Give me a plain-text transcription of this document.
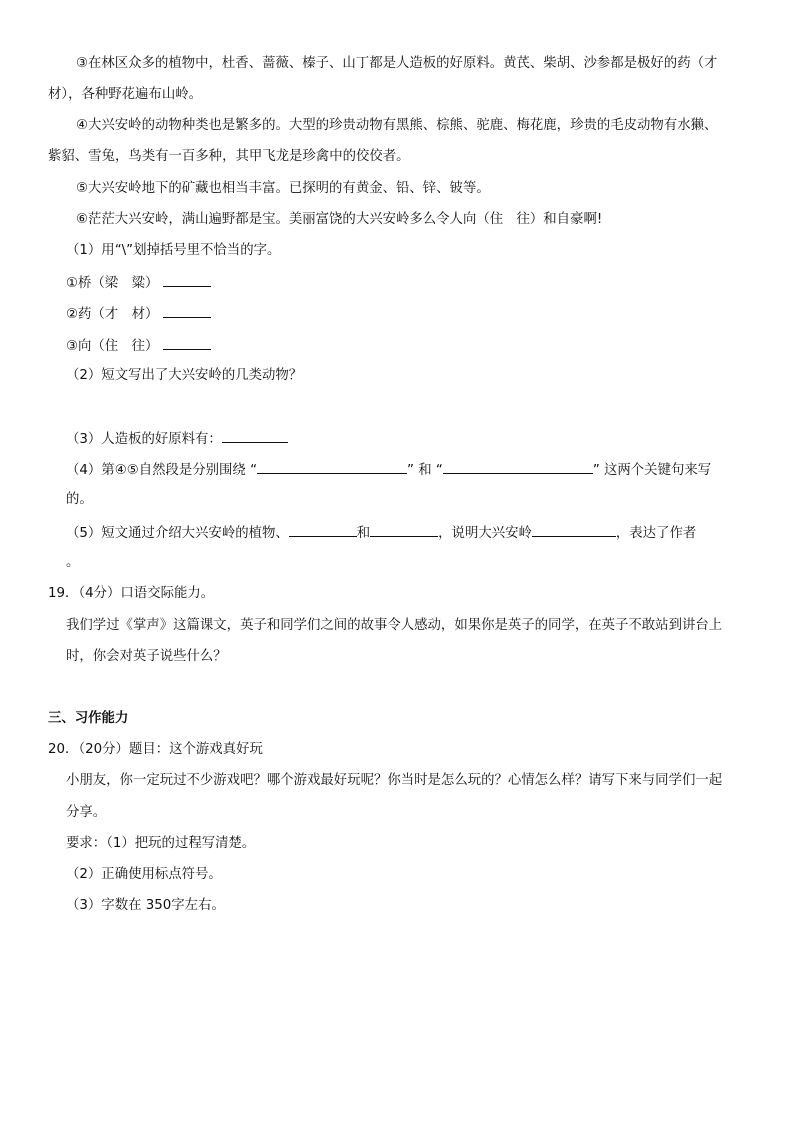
③在林区众多的植物中，杜香、蔷薇、榛子、山丁都是人造板的好原料。黄芪、柴胡、沙参都是极好的药（才
材），各种野花遍布山岭。
④大兴安岭的动物种类也是繁多的。大型的珍贵动物有黑熊、棕熊、驼鹿、梅花鹿，珍贵的毛皮动物有水獭、
紫貂、雪兔，鸟类有一百多种，其甲飞龙是珍禽中的佼佼者。
⑤大兴安岭地下的矿藏也相当丰富。已探明的有黄金、铅、锌、铍等。
⑥茫茫大兴安岭，满山遍野都是宝。美丽富饶的大兴安岭多么令人向（住　往）和自豪啊!
（1）用“\”划掉括号里不恰当的字。
①桥（梁　粱）
②药（才　材）
③向（住　往）
（2）短文写出了大兴安岭的几类动物？
（3）人造板的好原料有：
（4）第④⑤自然段是分别围绕 “	” 和 “	” 这两个关键句来写
的。
（5）短文通过介绍大兴安岭的植物、	和	，说明大兴安岭	，表达了作者
。
19．（4分）口语交际能力。
我们学过《掌声》这篇课文，英子和同学们之间的故事令人感动，如果你是英子的同学，在英子不敢站到讲台上
时，你会对英子说些什么？
三、习作能力
20．（20分）题目：这个游戏真好玩
小朋友，你一定玩过不少游戏吧？哪个游戏最好玩呢？你当时是怎么玩的？心情怎么样？请写下来与同学们一起
分享。
要求：（1）把玩的过程写清楚。
（2）正确使用标点符号。
（3）字数在 350字左右。
